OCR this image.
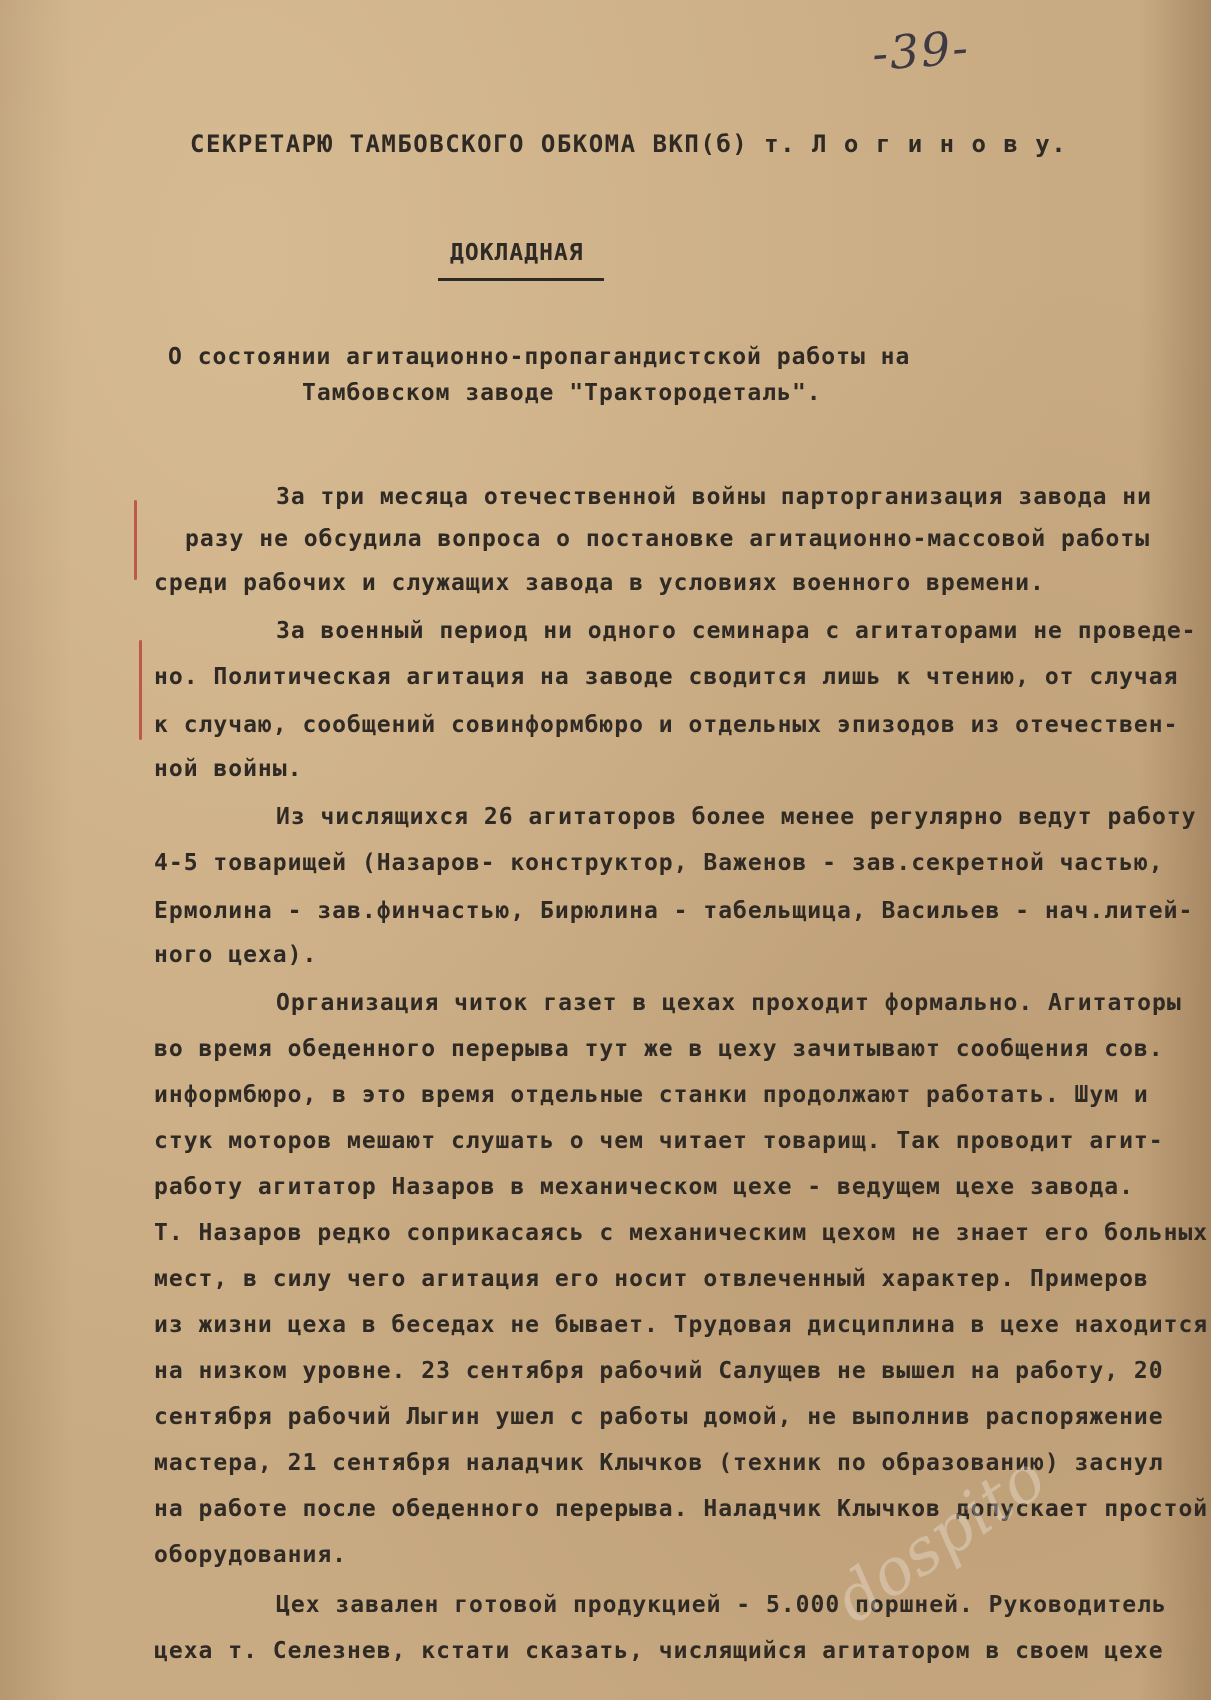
-39-
СЕКРЕТАРЮ ТАМБОВСКОГО ОБКОМА ВКП(б) т. Л о г и н о в у.
ДОКЛАДНАЯ
О состоянии агитационно-пропагандистской работы на
Тамбовском заводе "Трактородеталь".
За три месяца отечественной войны парторганизация завода ни
разу не обсудила вопроса о постановке агитационно-массовой работы
среди рабочих и служащих завода в условиях военного времени.
За военный период ни одного семинара с агитаторами не проведе-
но. Политическая агитация на заводе сводится лишь к чтению, от случая
к случаю, сообщений совинформбюро и отдельных эпизодов из отечествен-
ной войны.
Из числящихся 26 агитаторов более менее регулярно ведут работу
4-5 товарищей (Назаров- конструктор, Важенов - зав.секретной частью,
Ермолина - зав.финчастью, Бирюлина - табельщица, Васильев - нач.литей-
ного цеха).
Организация читок газет в цехах проходит формально. Агитаторы
во время обеденного перерыва тут же в цеху зачитывают сообщения сов.
информбюро, в это время отдельные станки продолжают работать. Шум и
стук моторов мешают слушать о чем читает товарищ. Так проводит агит-
работу агитатор Назаров в механическом цехе - ведущем цехе завода.
Т. Назаров редко соприкасаясь с механическим цехом не знает его больных
мест, в силу чего агитация его носит отвлеченный характер. Примеров
из жизни цеха в беседах не бывает. Трудовая дисциплина в цехе находится
на низком уровне. 23 сентября рабочий Салущев не вышел на работу, 20
сентября рабочий Лыгин ушел с работы домой, не выполнив распоряжение
мастера, 21 сентября наладчик Клычков (техник по образованию) заснул
на работе после обеденного перерыва. Наладчик Клычков допускает простой
оборудования.
Цех завален готовой продукцией - 5.000 поршней. Руководитель
цеха т. Селезнев, кстати сказать, числящийся агитатором в своем цехе
dospito
